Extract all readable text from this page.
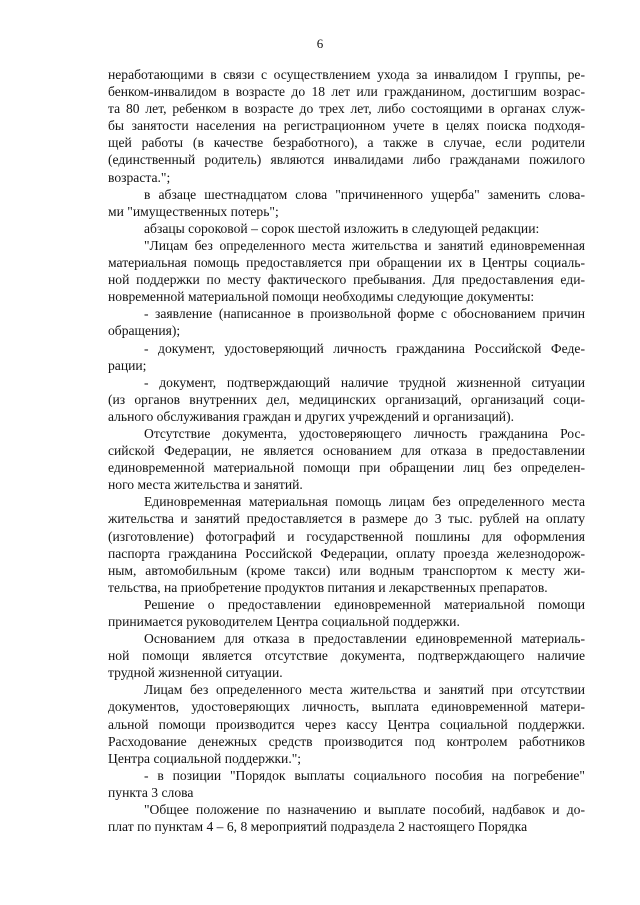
6
неработающими в связи с осуществлением ухода за инвалидом I группы, ре-
бенком-инвалидом в возрасте до 18 лет или гражданином, достигшим возрас-
та 80 лет, ребенком в возрасте до трех лет, либо состоящими в органах служ-
бы занятости населения на регистрационном учете в целях поиска подходя-
щей работы (в качестве безработного), а также в случае, если родители
(единственный родитель) являются инвалидами либо гражданами пожилого
возраста.";
в абзаце шестнадцатом слова "причиненного ущерба" заменить слова-
ми "имущественных потерь";
абзацы сороковой – сорок шестой изложить в следующей редакции:
"Лицам без определенного места жительства и занятий единовременная
материальная помощь предоставляется при обращении их в Центры социаль-
ной поддержки по месту фактического пребывания. Для предоставления еди-
новременной материальной помощи необходимы следующие документы:
- заявление (написанное в произвольной форме с обоснованием причин
обращения);
- документ, удостоверяющий личность гражданина Российской Феде-
рации;
- документ, подтверждающий наличие трудной жизненной ситуации
(из органов внутренних дел, медицинских организаций, организаций соци-
ального обслуживания граждан и других учреждений и организаций).
Отсутствие документа, удостоверяющего личность гражданина Рос-
сийской Федерации, не является основанием для отказа в предоставлении
единовременной материальной помощи при обращении лиц без определен-
ного места жительства и занятий.
Единовременная материальная помощь лицам без определенного места
жительства и занятий предоставляется в размере до 3 тыс. рублей на оплату
(изготовление) фотографий и государственной пошлины для оформления
паспорта гражданина Российской Федерации, оплату проезда железнодорож-
ным, автомобильным (кроме такси) или водным транспортом к месту жи-
тельства, на приобретение продуктов питания и лекарственных препаратов.
Решение о предоставлении единовременной материальной помощи
принимается руководителем Центра социальной поддержки.
Основанием для отказа в предоставлении единовременной материаль-
ной помощи является отсутствие документа, подтверждающего наличие
трудной жизненной ситуации.
Лицам без определенного места жительства и занятий при отсутствии
документов, удостоверяющих личность, выплата единовременной матери-
альной помощи производится через кассу Центра социальной поддержки.
Расходование денежных средств производится под контролем работников
Центра социальной поддержки.";
- в позиции "Порядок выплаты социального пособия на погребение"
пункта 3 слова
"Общее положение по назначению и выплате пособий, надбавок и до-
плат по пунктам 4 – 6, 8 мероприятий подраздела 2 настоящего Порядка
